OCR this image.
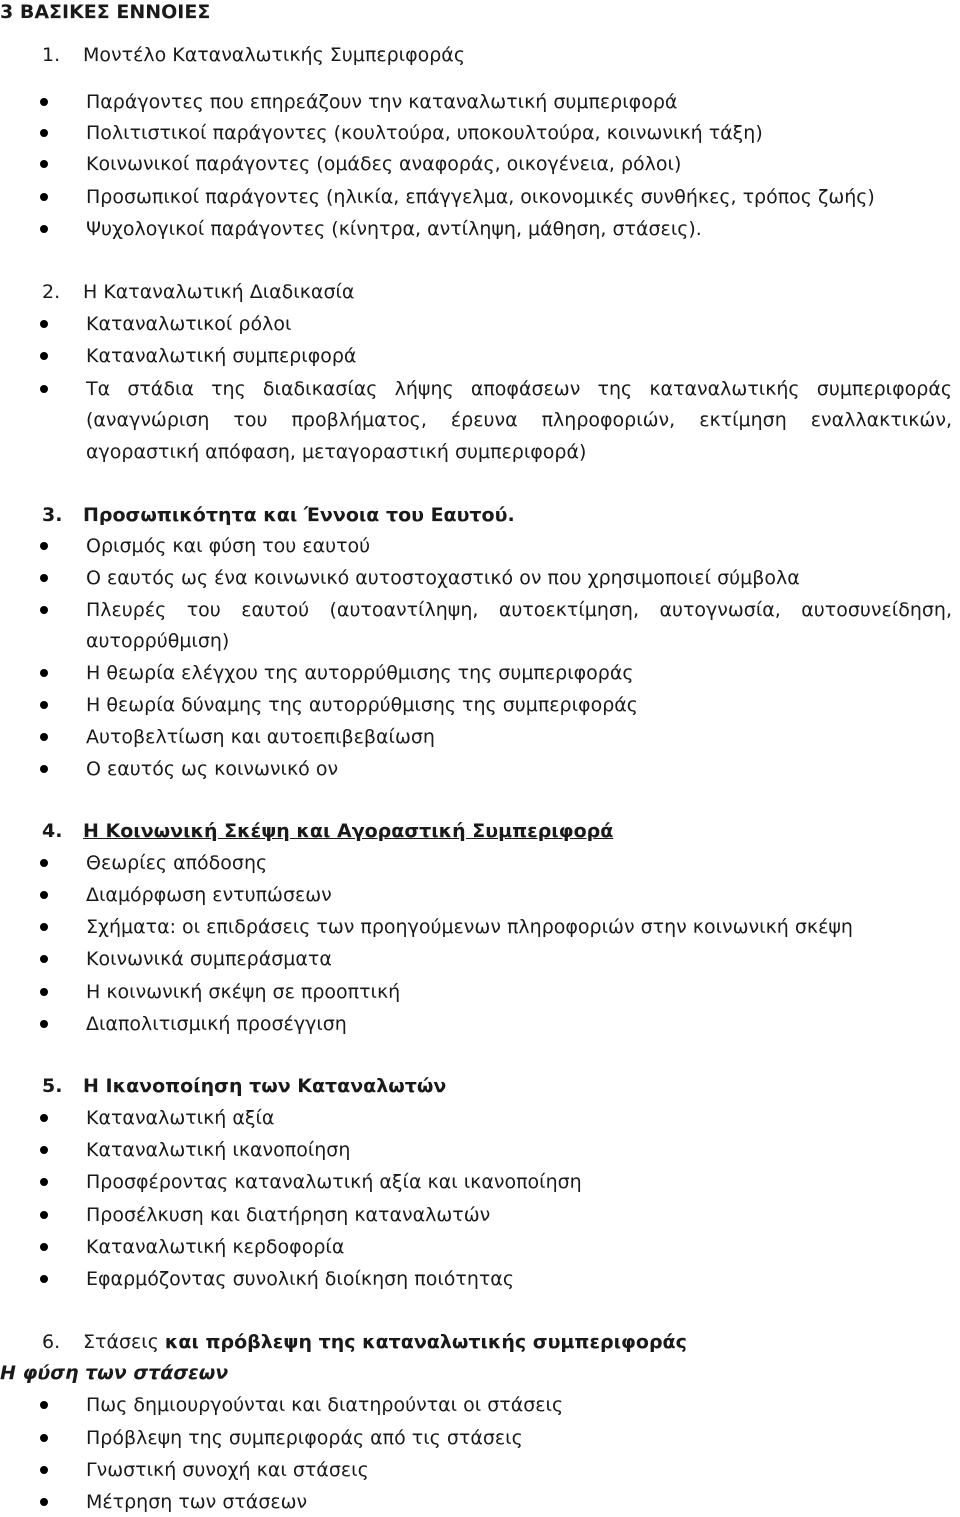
3 ΒΑΣΙΚΕΣ ΕΝΝΟΙΕΣ
1. Μοντέλο Καταναλωτικής Συμπεριφοράς
Παράγοντες που επηρεάζουν την καταναλωτική συμπεριφορά
Πολιτιστικοί παράγοντες (κουλτούρα, υποκουλτούρα, κοινωνική τάξη)
Κοινωνικοί παράγοντες (ομάδες αναφοράς, οικογένεια, ρόλοι)
Προσωπικοί παράγοντες (ηλικία, επάγγελμα, οικονομικές συνθήκες, τρόπος ζωής)
Ψυχολογικοί παράγοντες (κίνητρα, αντίληψη, μάθηση, στάσεις).
2. Η Καταναλωτική Διαδικασία
Καταναλωτικοί ρόλοι
Καταναλωτική συμπεριφορά
Τα στάδια της διαδικασίας λήψης αποφάσεων της καταναλωτικής συμπεριφοράς
(αναγνώριση του προβλήματος, έρευνα πληροφοριών, εκτίμηση εναλλακτικών,
αγοραστική απόφαση, μεταγοραστική συμπεριφορά)
3. Προσωπικότητα και Έννοια του Εαυτού.
Ορισμός και φύση του εαυτού
Ο εαυτός ως ένα κοινωνικό αυτοστοχαστικό ον που χρησιμοποιεί σύμβολα
Πλευρές του εαυτού (αυτοαντίληψη, αυτοεκτίμηση, αυτογνωσία, αυτοσυνείδηση,
αυτορρύθμιση)
Η θεωρία ελέγχου της αυτορρύθμισης της συμπεριφοράς
Η θεωρία δύναμης της αυτορρύθμισης της συμπεριφοράς
Αυτοβελτίωση και αυτοεπιβεβαίωση
Ο εαυτός ως κοινωνικό ον
4. Η Κοινωνική Σκέψη και Αγοραστική Συμπεριφορά
Θεωρίες απόδοσης
Διαμόρφωση εντυπώσεων
Σχήματα: οι επιδράσεις των προηγούμενων πληροφοριών στην κοινωνική σκέψη
Κοινωνικά συμπεράσματα
Η κοινωνική σκέψη σε προοπτική
Διαπολιτισμική προσέγγιση
5. Η Ικανοποίηση των Καταναλωτών
Καταναλωτική αξία
Καταναλωτική ικανοποίηση
Προσφέροντας καταναλωτική αξία και ικανοποίηση
Προσέλκυση και διατήρηση καταναλωτών
Καταναλωτική κερδοφορία
Εφαρμόζοντας συνολική διοίκηση ποιότητας
6. Στάσεις και πρόβλεψη της καταναλωτικής συμπεριφοράς
Η φύση των στάσεων
Πως δημιουργούνται και διατηρούνται οι στάσεις
Πρόβλεψη της συμπεριφοράς από τις στάσεις
Γνωστική συνοχή και στάσεις
Μέτρηση των στάσεων
